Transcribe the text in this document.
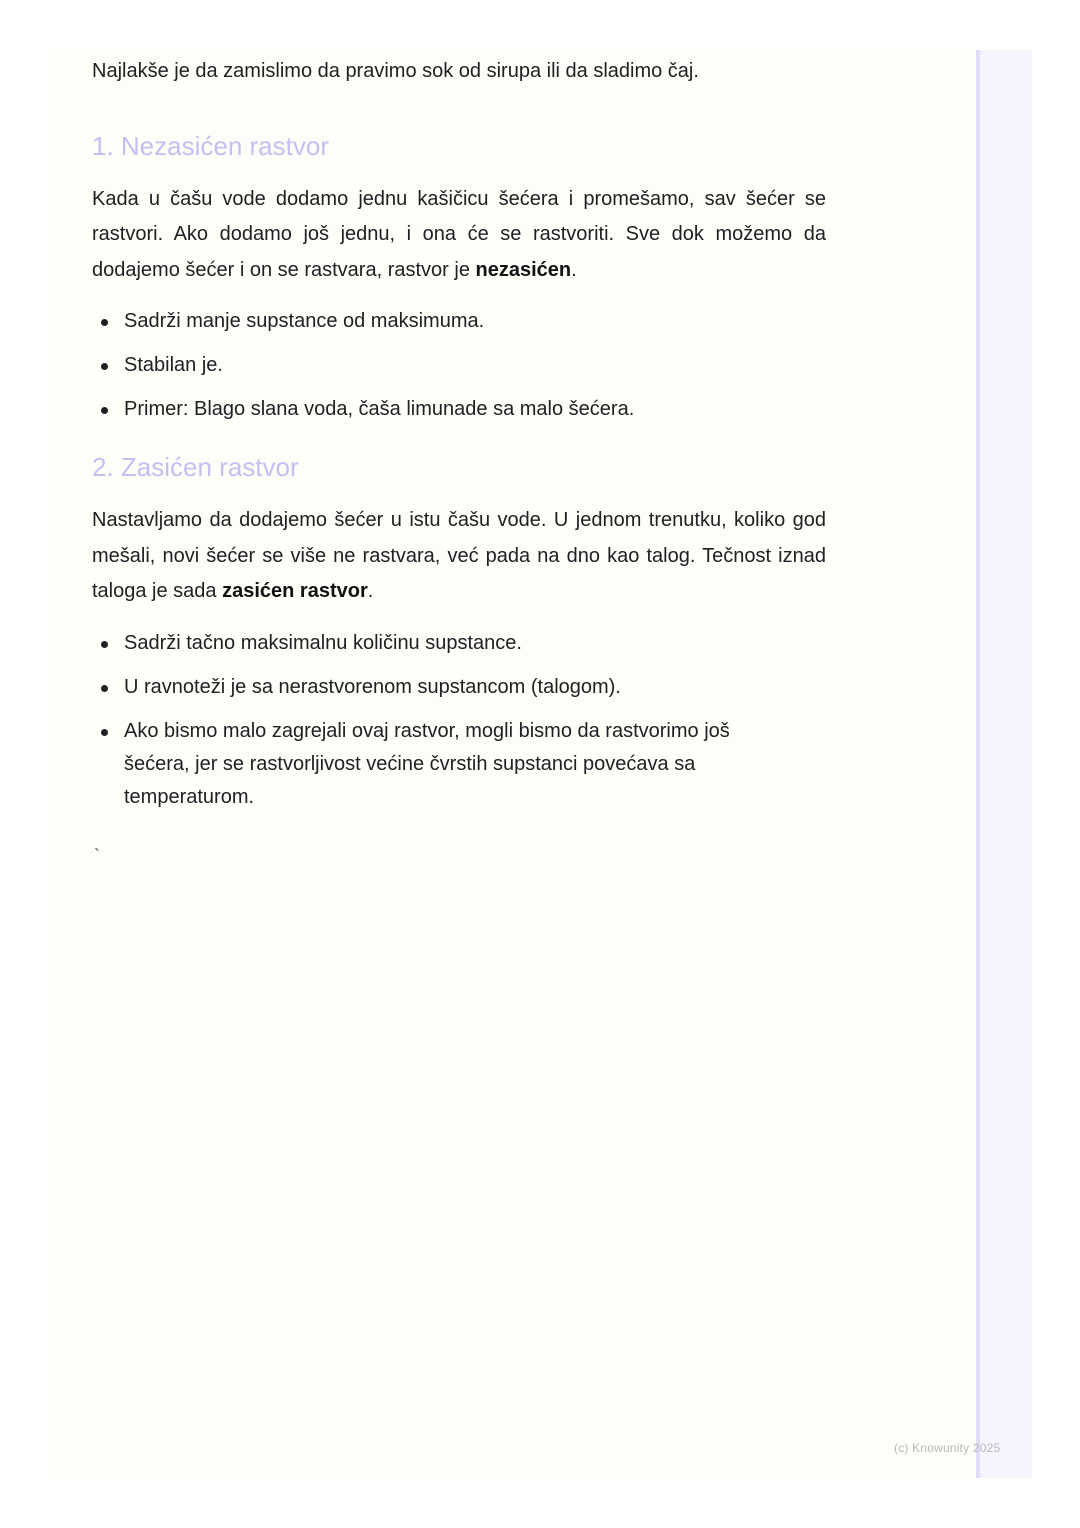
Najlakše je da zamislimo da pravimo sok od sirupa ili da sladimo čaj.

1. Nezasićen rastvor

Kada u čašu vode dodamo jednu kašičicu šećera i promešamo, sav šećer se rastvori. Ako dodamo još jednu, i ona će se rastvoriti. Sve dok možemo da dodajemo šećer i on se rastvara, rastvor je nezasićen.

Sadrži manje supstance od maksimuma.
Stabilan je.
Primer: Blago slana voda, čaša limunade sa malo šećera.
2. Zasićen rastvor

Nastavljamo da dodajemo šećer u istu čašu vode. U jednom trenutku, koliko god mešali, novi šećer se više ne rastvara, već pada na dno kao talog. Tečnost iznad taloga je sada zasićen rastvor.

Sadrži tačno maksimalnu količinu supstance.
U ravnoteži je sa nerastvorenom supstancom (talogom).
Ako bismo malo zagrejali ovaj rastvor, mogli bismo da rastvorimo još šećera, jer se rastvorljivost većine čvrstih supstanci povećava sa temperaturom.
`
(c) Knowunity 2025
